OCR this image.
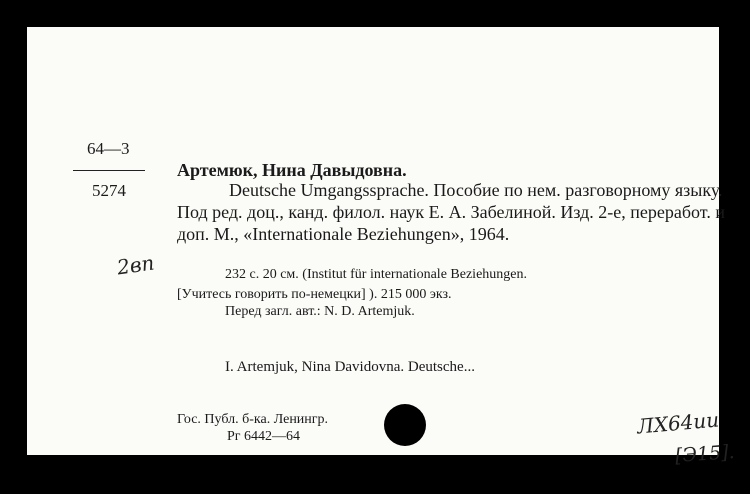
64—3
5274
2вп
Артемюк, Нина Давыдовна.
Deutsche Umgangssprache. Пособие по нем. разговорному языку. Под ред. доц., канд. филол. наук Е. А. Забелиной. Изд. 2-е, переработ. и доп. М., «Internationale Beziehungen», 1964.
232 с. 20 см. (Institut für internationale Beziehungen.
[Учитесь говорить по-немецки] ). 215 000 экз.
Перед загл. авт.: N. D. Artemjuk.
I. Artemjuk, Nina Davidovna. Deutsche...
Гос. Публ. б-ка. Ленингр.
Рг 6442—64	ЛХ64ии
[Э15].
